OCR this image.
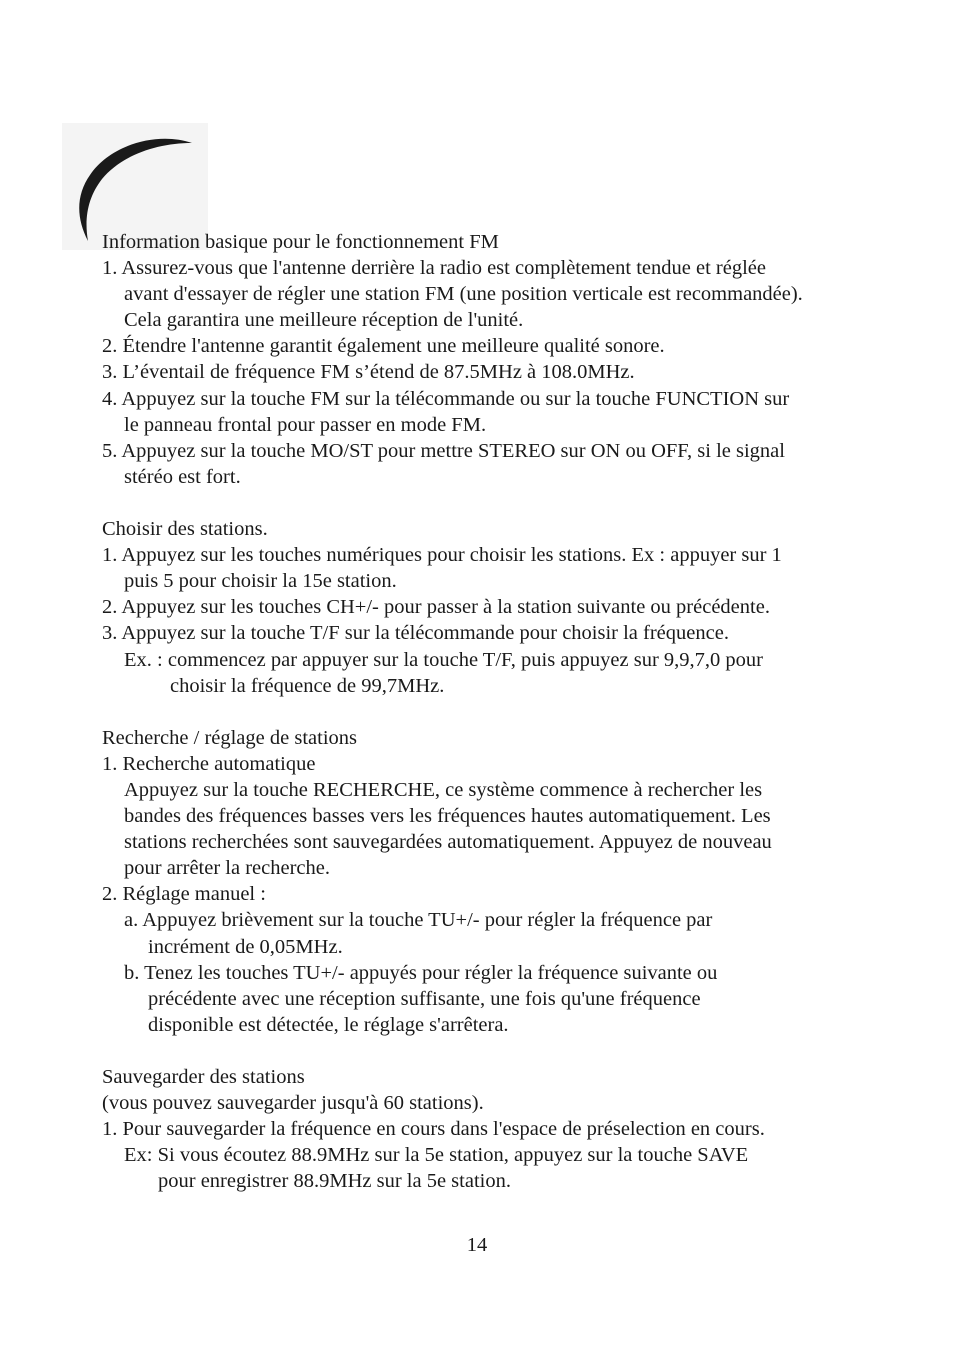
Information basique pour le fonctionnement FM
1. Assurez-vous que l'antenne derrière la radio est complètement tendue et réglée
avant d'essayer de régler une station FM (une position verticale est recommandée).
Cela garantira une meilleure réception de l'unité.
2. Étendre l'antenne garantit également une meilleure qualité sonore.
3. L’éventail de fréquence FM s’étend de 87.5MHz à 108.0MHz.
4. Appuyez sur la touche FM sur la télécommande ou sur la touche FUNCTION sur
le panneau frontal pour passer en mode FM.
5. Appuyez sur la touche MO/ST pour mettre STEREO sur ON ou OFF, si le signal
stéréo est fort.
Choisir des stations.
1. Appuyez sur les touches numériques pour choisir les stations. Ex : appuyer sur 1
puis 5 pour choisir la 15e station.
2. Appuyez sur les touches CH+/- pour passer à la station suivante ou précédente.
3. Appuyez sur la touche T/F sur la télécommande pour choisir la fréquence.
Ex. : commencez par appuyer sur la touche T/F, puis appuyez sur 9,9,7,0 pour
choisir la fréquence de 99,7MHz.
Recherche / réglage de stations
1. Recherche automatique
Appuyez sur la touche RECHERCHE, ce système commence à rechercher les
bandes des fréquences basses vers les fréquences hautes automatiquement. Les
stations recherchées sont sauvegardées automatiquement. Appuyez de nouveau
pour arrêter la recherche.
2. Réglage manuel :
a. Appuyez brièvement sur la touche TU+/- pour régler la fréquence par
incrément de 0,05MHz.
b. Tenez les touches TU+/- appuyés pour régler la fréquence suivante ou
précédente avec une réception suffisante, une fois qu'une fréquence
disponible est détectée, le réglage s'arrêtera.
Sauvegarder des stations
(vous pouvez sauvegarder jusqu'à 60 stations).
1. Pour sauvegarder la fréquence en cours dans l'espace de préselection en cours.
Ex: Si vous écoutez 88.9MHz sur la 5e station, appuyez sur la touche SAVE
pour enregistrer 88.9MHz sur la 5e station.
14
